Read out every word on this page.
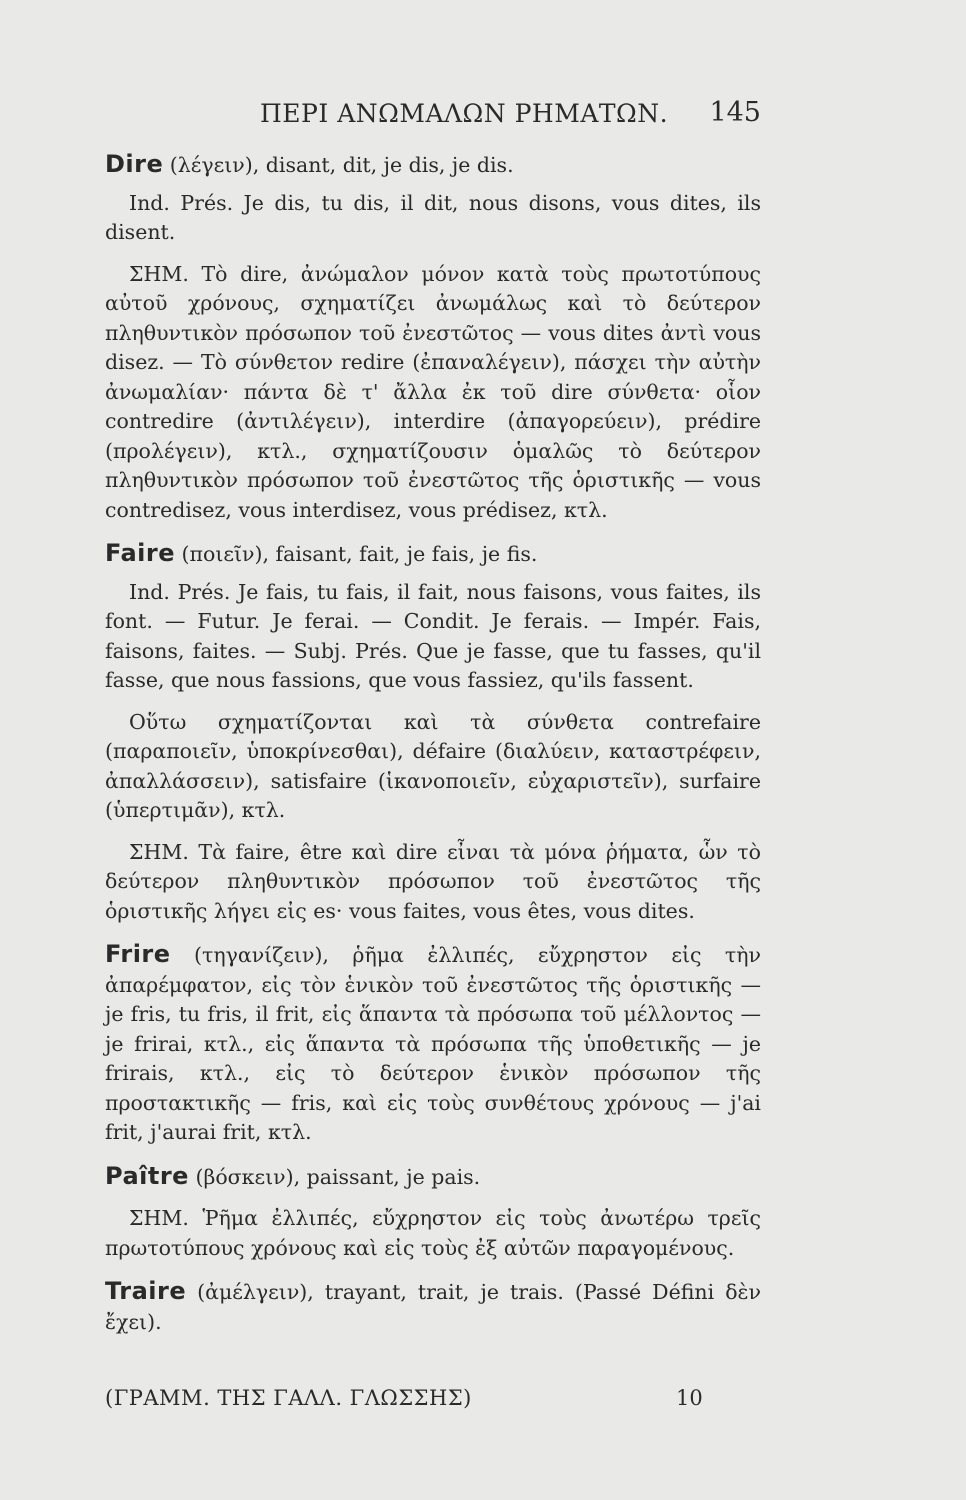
ΠΕΡΙ ΑΝΩΜΑΛΩΝ ΡΗΜΑΤΩΝ. 145

Dire (λέγειν), disant, dit, je dis, je dis.

Ind. Prés. Je dis, tu dis, il dit, nous disons, vous dites, ils disent.

ΣΗΜ. Τὸ dire, ἀνώμαλον μόνον κατὰ τοὺς πρωτοτύπους αὐτοῦ χρόνους, σχηματίζει ἀνωμάλως καὶ τὸ δεύτερον πληθυντικὸν πρόσωπον τοῦ ἐνεστῶτος — vous dites ἀντὶ vous disez. — Τὸ σύνθετον redire (ἐπαναλέγειν), πάσχει τὴν αὐτὴν ἀνωμαλίαν· πάντα δὲ τ' ἄλλα ἐκ τοῦ dire σύνθετα· οἷον contredire (ἀντιλέγειν), interdire (ἀπαγορεύειν), prédire (προλέγειν), κτλ., σχηματίζουσιν ὁμαλῶς τὸ δεύτερον πληθυντικὸν πρόσωπον τοῦ ἐνεστῶτος τῆς ὁριστικῆς — vous contredisez, vous interdisez, vous prédisez, κτλ.

Faire (ποιεῖν), faisant, fait, je fais, je fis.

Ind. Prés. Je fais, tu fais, il fait, nous faisons, vous faites, ils font. — Futur. Je ferai. — Condit. Je ferais. — Impér. Fais, faisons, faites. — Subj. Prés. Que je fasse, que tu fasses, qu'il fasse, que nous fassions, que vous fassiez, qu'ils fassent.

Οὕτω σχηματίζονται καὶ τὰ σύνθετα contrefaire (παραποιεῖν, ὑποκρίνεσθαι), défaire (διαλύειν, καταστρέφειν, ἀπαλλάσσειν), satisfaire (ἱκανοποιεῖν, εὐχαριστεῖν), surfaire (ὑπερτιμᾶν), κτλ.

ΣΗΜ. Τὰ faire, être καὶ dire εἶναι τὰ μόνα ῥήματα, ὧν τὸ δεύτερον πληθυντικὸν πρόσωπον τοῦ ἐνεστῶτος τῆς ὁριστικῆς λήγει εἰς es· vous faites, vous êtes, vous dites.

Frire (τηγανίζειν), ῥῆμα ἐλλιπές, εὔχρηστον εἰς τὴν ἀπαρέμφατον, εἰς τὸν ἑνικὸν τοῦ ἐνεστῶτος τῆς ὁριστικῆς — je fris, tu fris, il frit, εἰς ἅπαντα τὰ πρόσωπα τοῦ μέλλοντος — je frirai, κτλ., εἰς ἅπαντα τὰ πρόσωπα τῆς ὑποθετικῆς — je frirais, κτλ., εἰς τὸ δεύτερον ἑνικὸν πρόσωπον τῆς προστακτικῆς — fris, καὶ εἰς τοὺς συνθέτους χρόνους — j'ai frit, j'aurai frit, κτλ.

Paître (βόσκειν), paissant, je pais.

ΣΗΜ. Ῥῆμα ἐλλιπές, εὔχρηστον εἰς τοὺς ἀνωτέρω τρεῖς πρωτοτύπους χρόνους καὶ εἰς τοὺς ἐξ αὐτῶν παραγομένους.

Traire (ἀμέλγειν), trayant, trait, je trais. (Passé Défini δὲν ἔχει).

(ΓΡΑΜΜ. ΤΗΣ ΓΑΛΛ. ΓΛΩΣΣΗΣ)	10
